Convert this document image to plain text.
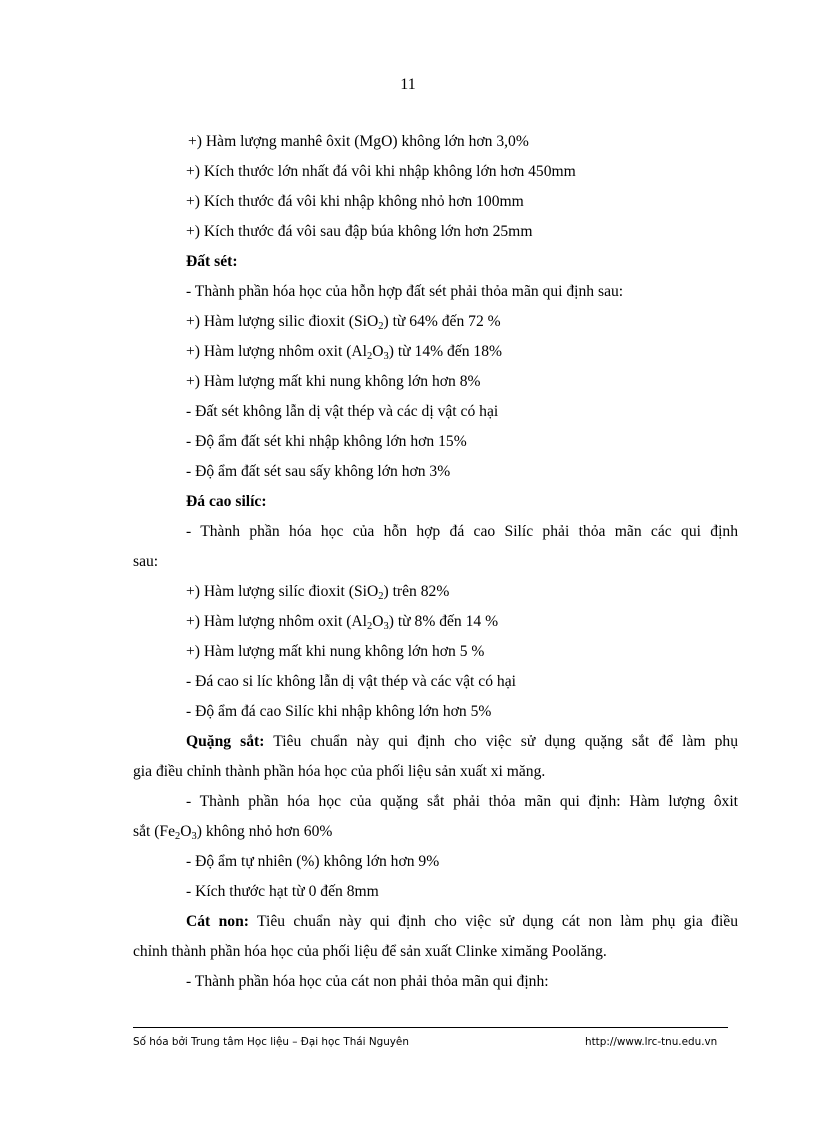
11
+) Hàm lượng manhê ôxit (MgO) không lớn hơn 3,0%
+) Kích thước lớn nhất đá vôi khi nhập không lớn hơn 450mm
+) Kích thước đá vôi khi nhập không nhỏ hơn 100mm
+) Kích thước đá vôi sau đập búa không lớn hơn 25mm
Đất sét:
- Thành phần hóa học của hỗn hợp đất sét phải thỏa mãn qui định sau:
+) Hàm lượng silic đioxit (SiO$_2$) từ 64% đến 72 %
+) Hàm lượng nhôm oxit $(Al_2O_3)$ từ 14% đến 18%
+) Hàm lượng mất khi nung không lớn hơn 8%
- Đất sét không lẫn dị vật thép và các dị vật có hại
- Độ ẩm đất sét khi nhập không lớn hơn 15%
- Độ ẩm đất sét sau sấy không lớn hơn 3%
Đá cao silíc:
- Thành phần hóa học của hỗn hợp đá cao Silíc phải thỏa mãn các qui định
sau:
+) Hàm lượng silíc đioxit (SiO$_2$) trên 82%
+) Hàm lượng nhôm oxit $(Al_2O_3)$ từ 8% đến 14 %
+) Hàm lượng mất khi nung không lớn hơn 5 %
- Đá cao si líc không lẫn dị vật thép và các vật có hại
- Độ ẩm đá cao Silíc khi nhập không lớn hơn 5%
Quặng sắt: Tiêu chuẩn này qui định cho việc sử dụng quặng sắt để làm phụ
gia điều chỉnh thành phần hóa học của phối liệu sản xuất xi măng.
- Thành phần hóa học của quặng sắt phải thỏa mãn qui định: Hàm lượng ôxit
sắt $(Fe_2O_3)$ không nhỏ hơn 60%
- Độ ẩm tự nhiên (%) không lớn hơn 9%
- Kích thước hạt từ 0 đến 8mm
Cát non: Tiêu chuẩn này qui định cho việc sử dụng cát non làm phụ gia điều
chỉnh thành phần hóa học của phối liệu để sản xuất Clinke ximăng Poolăng.
- Thành phần hóa học của cát non phải thỏa mãn qui định:
Số hóa bởi Trung tâm Học liệu – Đại học Thái Nguyên	http://www.lrc-tnu.edu.vn
